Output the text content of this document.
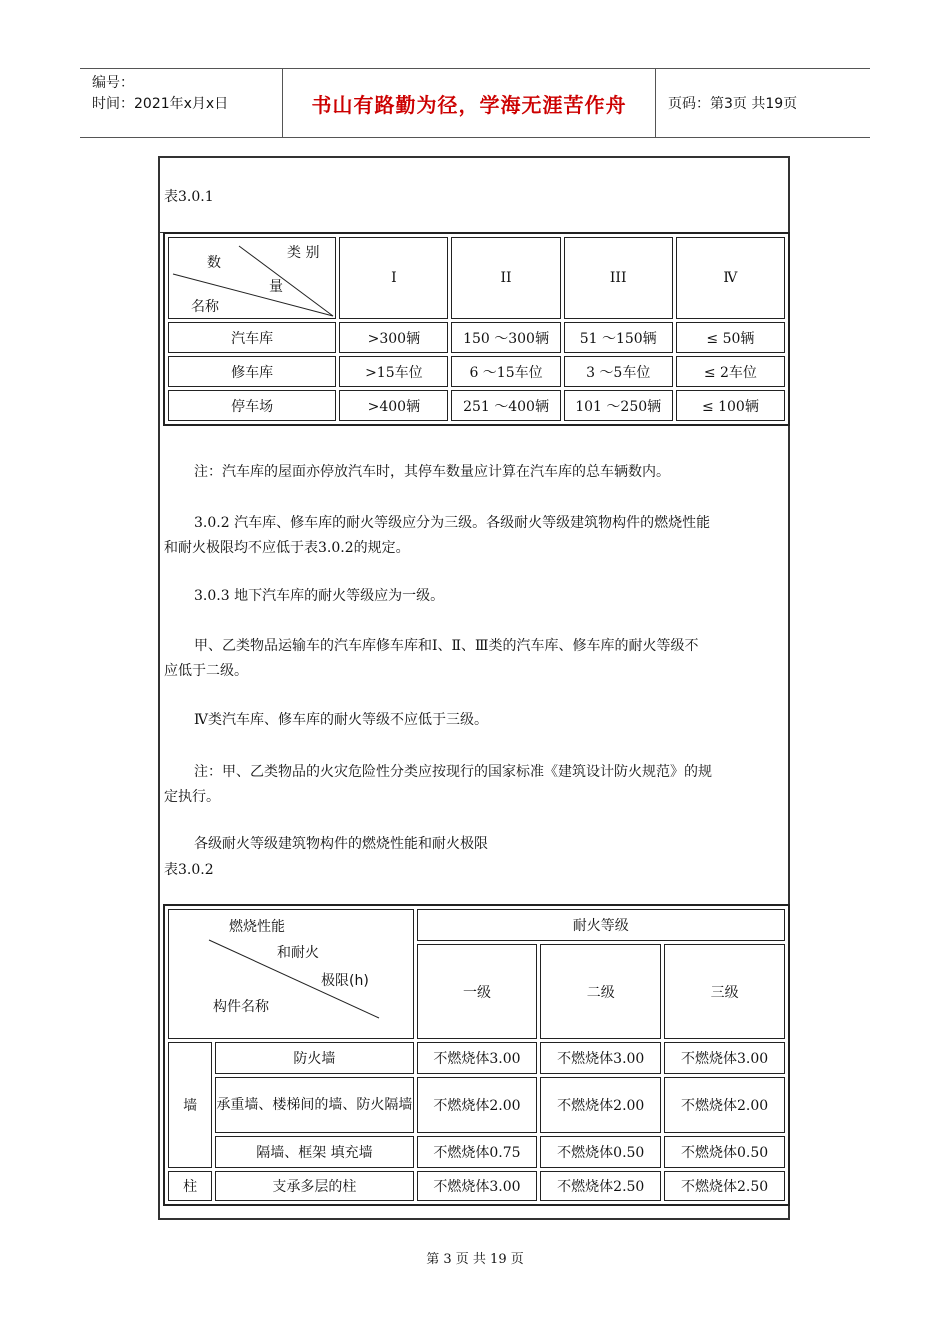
编号：
时间：2021年x月x日	书山有路勤为径，学海无涯苦作舟	页码：第3页 共19页
表3.0.1
类 别
数
量
名称	I	II	III	Ⅳ
汽车库	>300辆	150 ～300辆	51 ～150辆	≤ 50辆
修车库	>15车位	6 ～15车位	3 ～5车位	≤ 2车位
停车场	>400辆	251 ～400辆	101 ～250辆	≤ 100辆
注：汽车库的屋面亦停放汽车时，其停车数量应计算在汽车库的总车辆数内。
3.0.2 汽车库、修车库的耐火等级应分为三级。各级耐火等级建筑物构件的燃烧性能
和耐火极限均不应低于表3.0.2的规定。
3.0.3 地下汽车库的耐火等级应为一级。
甲、乙类物品运输车的汽车库修车库和Ⅰ、Ⅱ、Ⅲ类的汽车库、修车库的耐火等级不
应低于二级。
Ⅳ类汽车库、修车库的耐火等级不应低于三级。
注：甲、乙类物品的火灾危险性分类应按现行的国家标准《建筑设计防火规范》的规
定执行。
各级耐火等级建筑物构件的燃烧性能和耐火极限
表3.0.2
燃烧性能
和耐火
极限(h)
构件名称		耐火等级		
		一级	二级	三级
墙	防火墙	不燃烧体3.00	不燃烧体3.00	不燃烧体3.00
	承重墙、楼梯间的墙、防火隔墙	不燃烧体2.00	不燃烧体2.00	不燃烧体2.00
	隔墙、框架 填充墙	不燃烧体0.75	不燃烧体0.50	不燃烧体0.50
柱	支承多层的柱	不燃烧体3.00	不燃烧体2.50	不燃烧体2.50
第 3 页 共 19 页
